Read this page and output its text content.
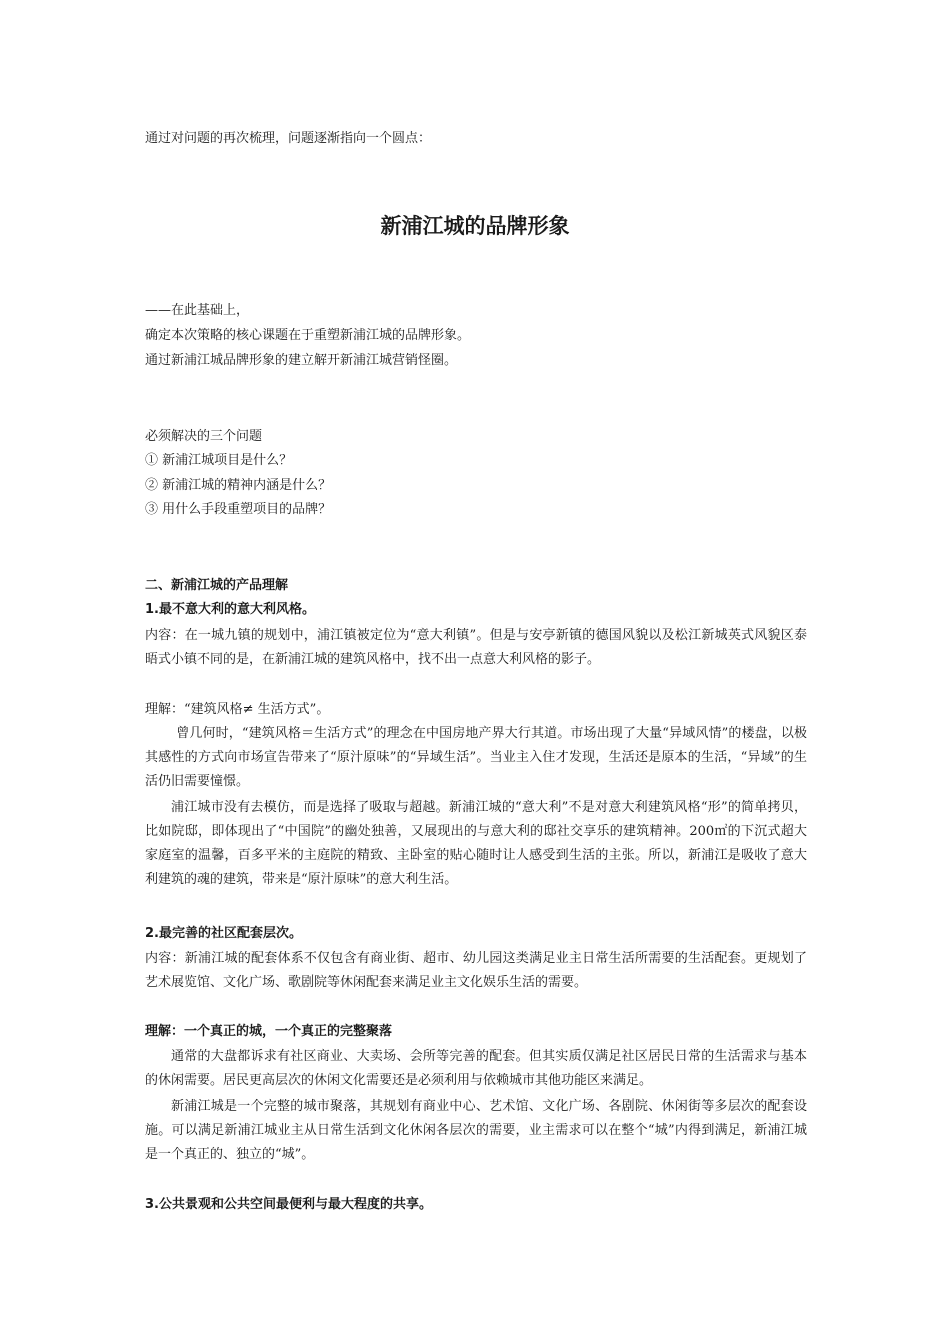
通过对问题的再次梳理，问题逐渐指向一个圆点：
新浦江城的品牌形象
——在此基础上，
确定本次策略的核心课题在于重塑新浦江城的品牌形象。
通过新浦江城品牌形象的建立解开新浦江城营销怪圈。
必须解决的三个问题
① 新浦江城项目是什么？
② 新浦江城的精神内涵是什么？
③ 用什么手段重塑项目的品牌？
二、新浦江城的产品理解
1.最不意大利的意大利风格。
内容：在一城九镇的规划中，浦江镇被定位为“意大利镇”。但是与安亭新镇的德国风貌以及松江新城英式风貌区泰晤式小镇不同的是，在新浦江城的建筑风格中，找不出一点意大利风格的影子。
理解：“建筑风格≠ 生活方式”。
曾几何时，“建筑风格＝生活方式”的理念在中国房地产界大行其道。市场出现了大量“异域风情”的楼盘，以极其感性的方式向市场宣告带来了“原汁原味”的“异域生活”。当业主入住才发现，生活还是原本的生活，“异域”的生活仍旧需要憧憬。
浦江城市没有去模仿，而是选择了吸取与超越。新浦江城的“意大利”不是对意大利建筑风格“形”的简单拷贝，比如院邸，即体现出了“中国院”的幽处独善，又展现出的与意大利的邸社交享乐的建筑精神。200㎡的下沉式超大家庭室的温馨，百多平米的主庭院的精致、主卧室的贴心随时让人感受到生活的主张。所以，新浦江是吸收了意大利建筑的魂的建筑，带来是“原汁原味”的意大利生活。
2.最完善的社区配套层次。
内容：新浦江城的配套体系不仅包含有商业街、超市、幼儿园这类满足业主日常生活所需要的生活配套。更规划了艺术展览馆、文化广场、歌剧院等休闲配套来满足业主文化娱乐生活的需要。
理解：一个真正的城，一个真正的完整聚落
通常的大盘都诉求有社区商业、大卖场、会所等完善的配套。但其实质仅满足社区居民日常的生活需求与基本的休闲需要。居民更高层次的休闲文化需要还是必须利用与依赖城市其他功能区来满足。
新浦江城是一个完整的城市聚落，其规划有商业中心、艺术馆、文化广场、各剧院、休闲街等多层次的配套设施。可以满足新浦江城业主从日常生活到文化休闲各层次的需要，业主需求可以在整个“城”内得到满足，新浦江城是一个真正的、独立的“城”。
3.公共景观和公共空间最便利与最大程度的共享。
